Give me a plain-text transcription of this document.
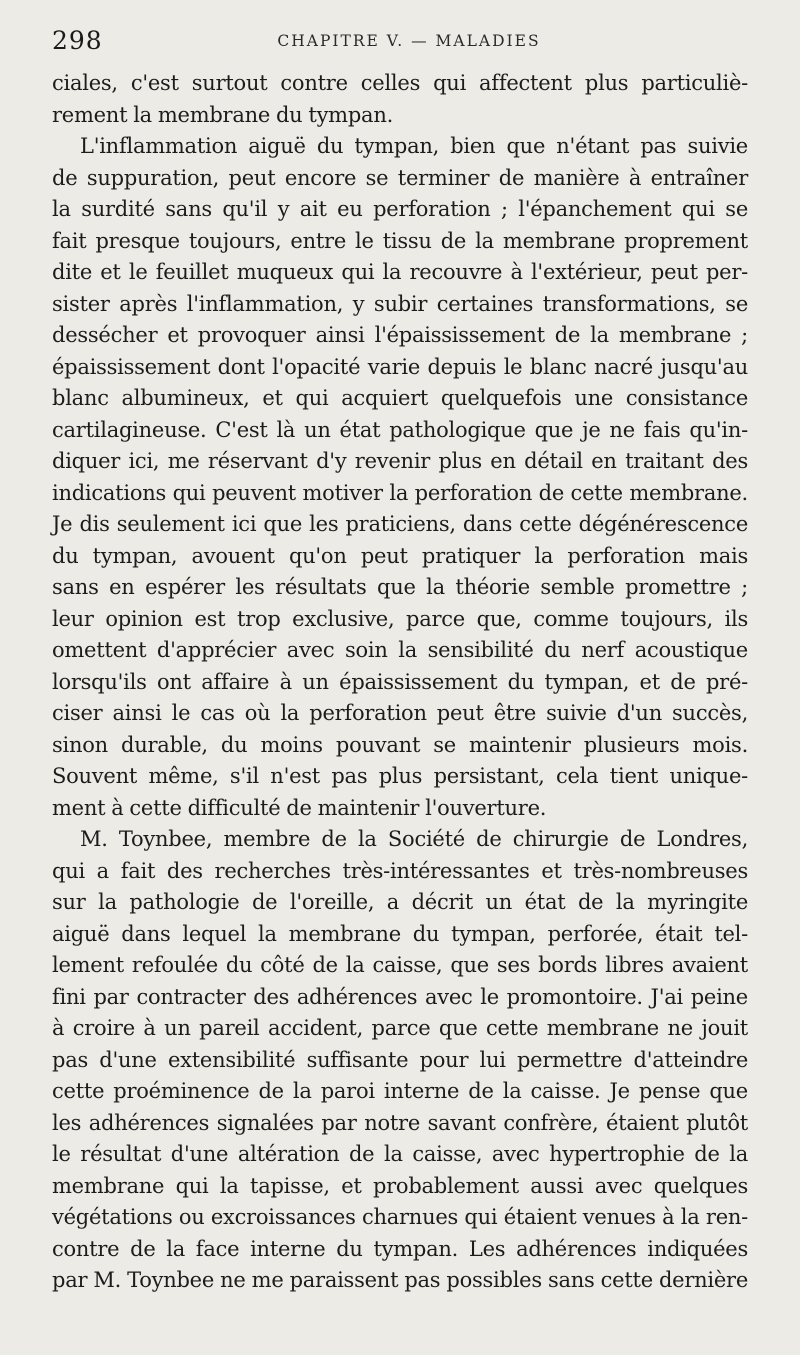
298	CHAPITRE V. — MALADIES
ciales, c'est surtout contre celles qui affectent plus particuliè-
rement la membrane du tympan.
L'inflammation aiguë du tympan, bien que n'étant pas suivie
de suppuration, peut encore se terminer de manière à entraîner
la surdité sans qu'il y ait eu perforation ; l'épanchement qui se
fait presque toujours, entre le tissu de la membrane proprement
dite et le feuillet muqueux qui la recouvre à l'extérieur, peut per-
sister après l'inflammation, y subir certaines transformations, se
dessécher et provoquer ainsi l'épaississement de la membrane ;
épaississement dont l'opacité varie depuis le blanc nacré jusqu'au
blanc albumineux, et qui acquiert quelquefois une consistance
cartilagineuse. C'est là un état pathologique que je ne fais qu'in-
diquer ici, me réservant d'y revenir plus en détail en traitant des
indications qui peuvent motiver la perforation de cette membrane.
Je dis seulement ici que les praticiens, dans cette dégénérescence
du tympan, avouent qu'on peut pratiquer la perforation mais
sans en espérer les résultats que la théorie semble promettre ;
leur opinion est trop exclusive, parce que, comme toujours, ils
omettent d'apprécier avec soin la sensibilité du nerf acoustique
lorsqu'ils ont affaire à un épaississement du tympan, et de pré-
ciser ainsi le cas où la perforation peut être suivie d'un succès,
sinon durable, du moins pouvant se maintenir plusieurs mois.
Souvent même, s'il n'est pas plus persistant, cela tient unique-
ment à cette difficulté de maintenir l'ouverture.
M. Toynbee, membre de la Société de chirurgie de Londres,
qui a fait des recherches très-intéressantes et très-nombreuses
sur la pathologie de l'oreille, a décrit un état de la myringite
aiguë dans lequel la membrane du tympan, perforée, était tel-
lement refoulée du côté de la caisse, que ses bords libres avaient
fini par contracter des adhérences avec le promontoire. J'ai peine
à croire à un pareil accident, parce que cette membrane ne jouit
pas d'une extensibilité suffisante pour lui permettre d'atteindre
cette proéminence de la paroi interne de la caisse. Je pense que
les adhérences signalées par notre savant confrère, étaient plutôt
le résultat d'une altération de la caisse, avec hypertrophie de la
membrane qui la tapisse, et probablement aussi avec quelques
végétations ou excroissances charnues qui étaient venues à la ren-
contre de la face interne du tympan. Les adhérences indiquées
par M. Toynbee ne me paraissent pas possibles sans cette dernière
